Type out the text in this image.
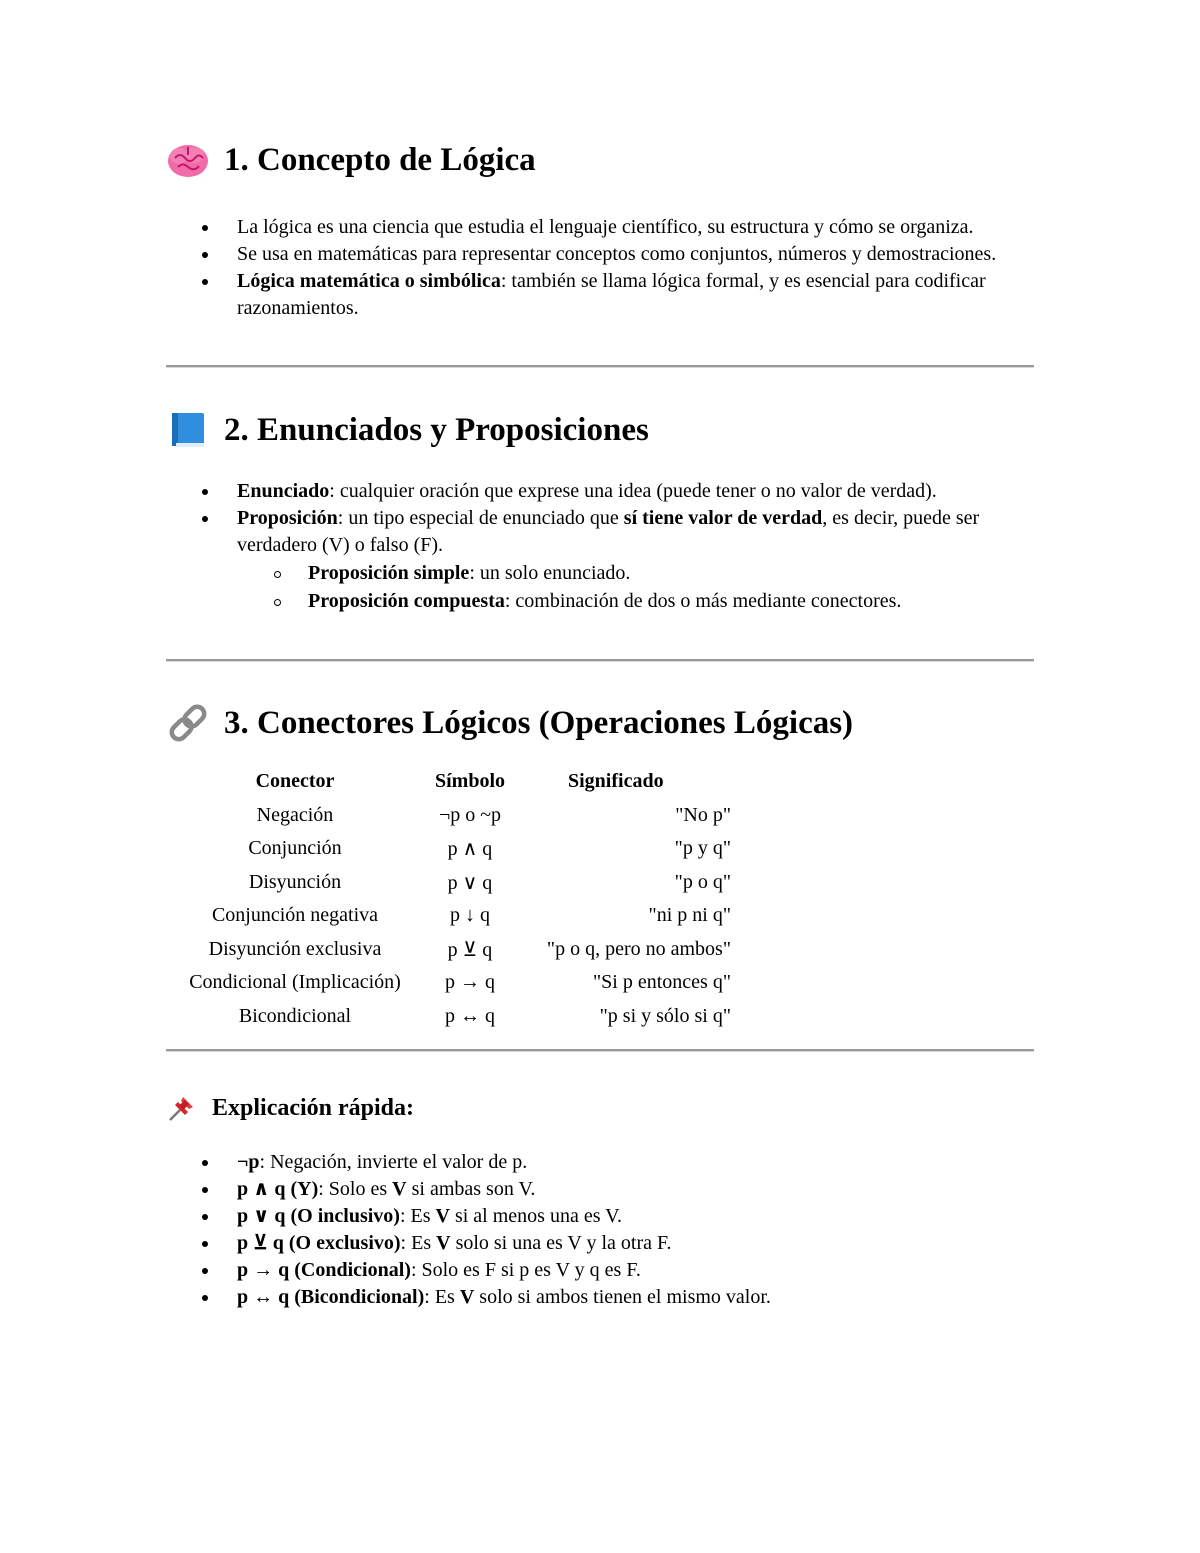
1. Concepto de Lógica
La lógica es una ciencia que estudia el lenguaje científico, su estructura y cómo se organiza.
Se usa en matemáticas para representar conceptos como conjuntos, números y demostraciones.
Lógica matemática o simbólica: también se llama lógica formal, y es esencial para codificar razonamientos.
2. Enunciados y Proposiciones
Enunciado: cualquier oración que exprese una idea (puede tener o no valor de verdad).
Proposición: un tipo especial de enunciado que sí tiene valor de verdad, es decir, puede ser verdadero (V) o falso (F).
Proposición simple: un solo enunciado.
Proposición compuesta: combinación de dos o más mediante conectores.
3. Conectores Lógicos (Operaciones Lógicas)
Conector	Símbolo	Significado
Negación	¬p o ~p	"No p"
Conjunción	p ∧ q	"p y q"
Disyunción	p ∨ q	"p o q"
Conjunción negativa	p ↓ q	"ni p ni q"
Disyunción exclusiva	p ⊻ q	"p o q, pero no ambos"
Condicional (Implicación)	p → q	"Si p entonces q"
Bicondicional	p ↔ q	"p si y sólo si q"
Explicación rápida:
¬p: Negación, invierte el valor de p.
p ∧ q (Y): Solo es V si ambas son V.
p ∨ q (O inclusivo): Es V si al menos una es V.
p ⊻ q (O exclusivo): Es V solo si una es V y la otra F.
p → q (Condicional): Solo es F si p es V y q es F.
p ↔ q (Bicondicional): Es V solo si ambos tienen el mismo valor.
